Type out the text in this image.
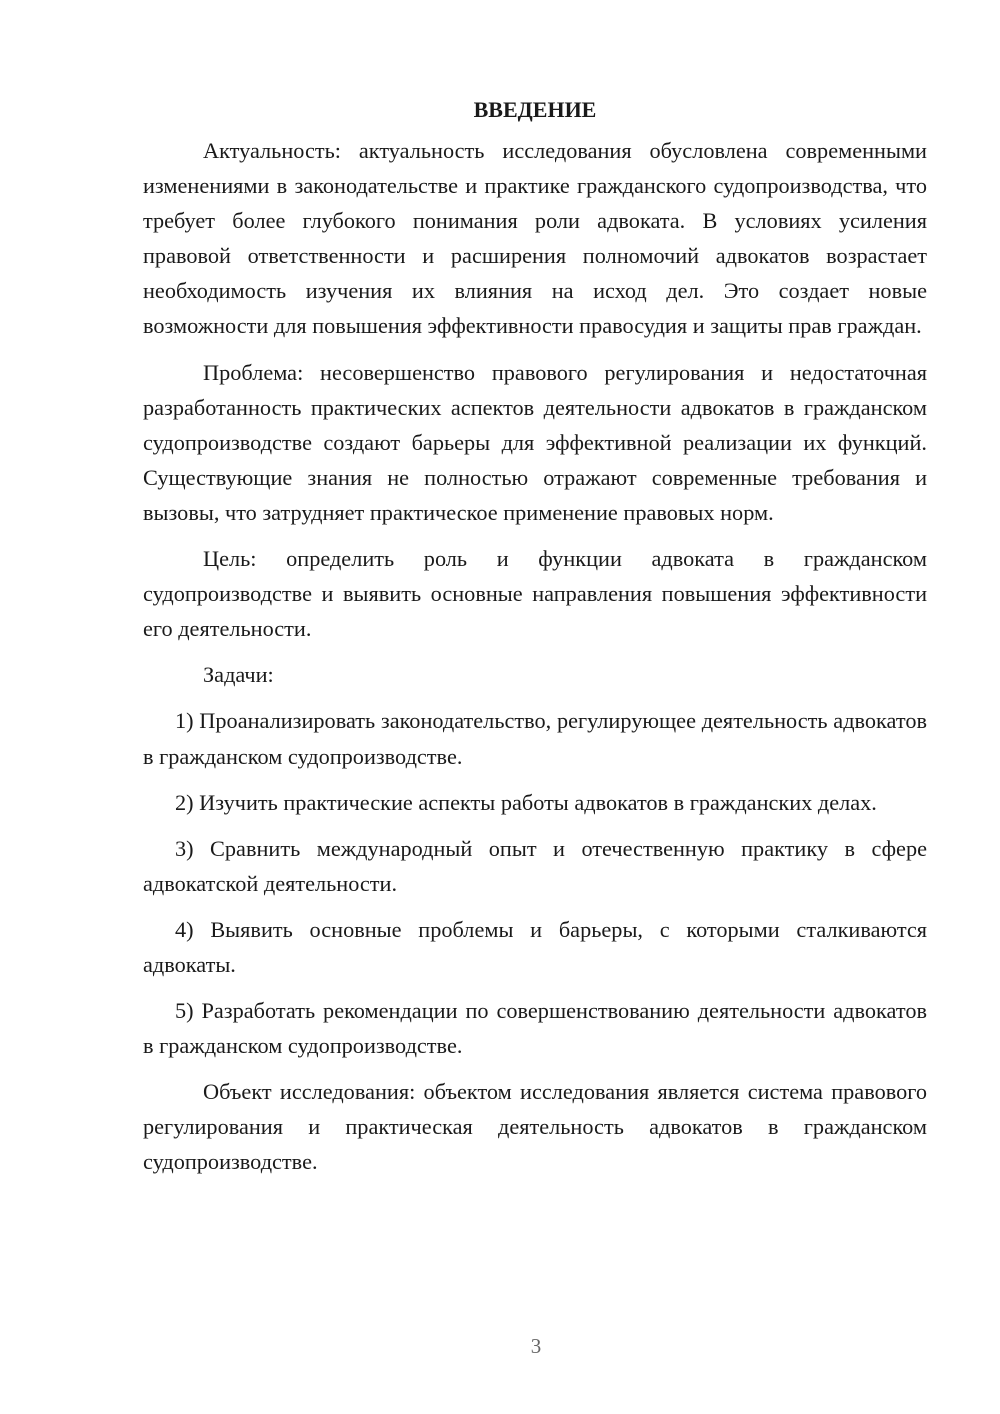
ВВЕДЕНИЕ

Актуальность: актуальность исследования обусловлена современными изменениями в законодательстве и практике гражданского судопроизводства, что требует более глубокого понимания роли адвоката. В условиях усиления правовой ответственности и расширения полномочий адвокатов возрастает необходимость изучения их влияния на исход дел. Это создает новые возможности для повышения эффективности правосудия и защиты прав граждан.

Проблема: несовершенство правового регулирования и недостаточная разработанность практических аспектов деятельности адвокатов в гражданском судопроизводстве создают барьеры для эффективной реализации их функций. Существующие знания не полностью отражают современные требования и вызовы, что затрудняет практическое применение правовых норм.

Цель: определить роль и функции адвоката в гражданском судопроизводстве и выявить основные направления повышения эффективности его деятельности.

Задачи:

1) Проанализировать законодательство, регулирующее деятельность адвокатов в гражданском судопроизводстве.

2) Изучить практические аспекты работы адвокатов в гражданских делах.

3) Сравнить международный опыт и отечественную практику в сфере адвокатской деятельности.

4) Выявить основные проблемы и барьеры, с которыми сталкиваются адвокаты.

5) Разработать рекомендации по совершенствованию деятельности адвокатов в гражданском судопроизводстве.

Объект исследования: объектом исследования является система правового регулирования и практическая деятельность адвокатов в гражданском судопроизводстве.

3
